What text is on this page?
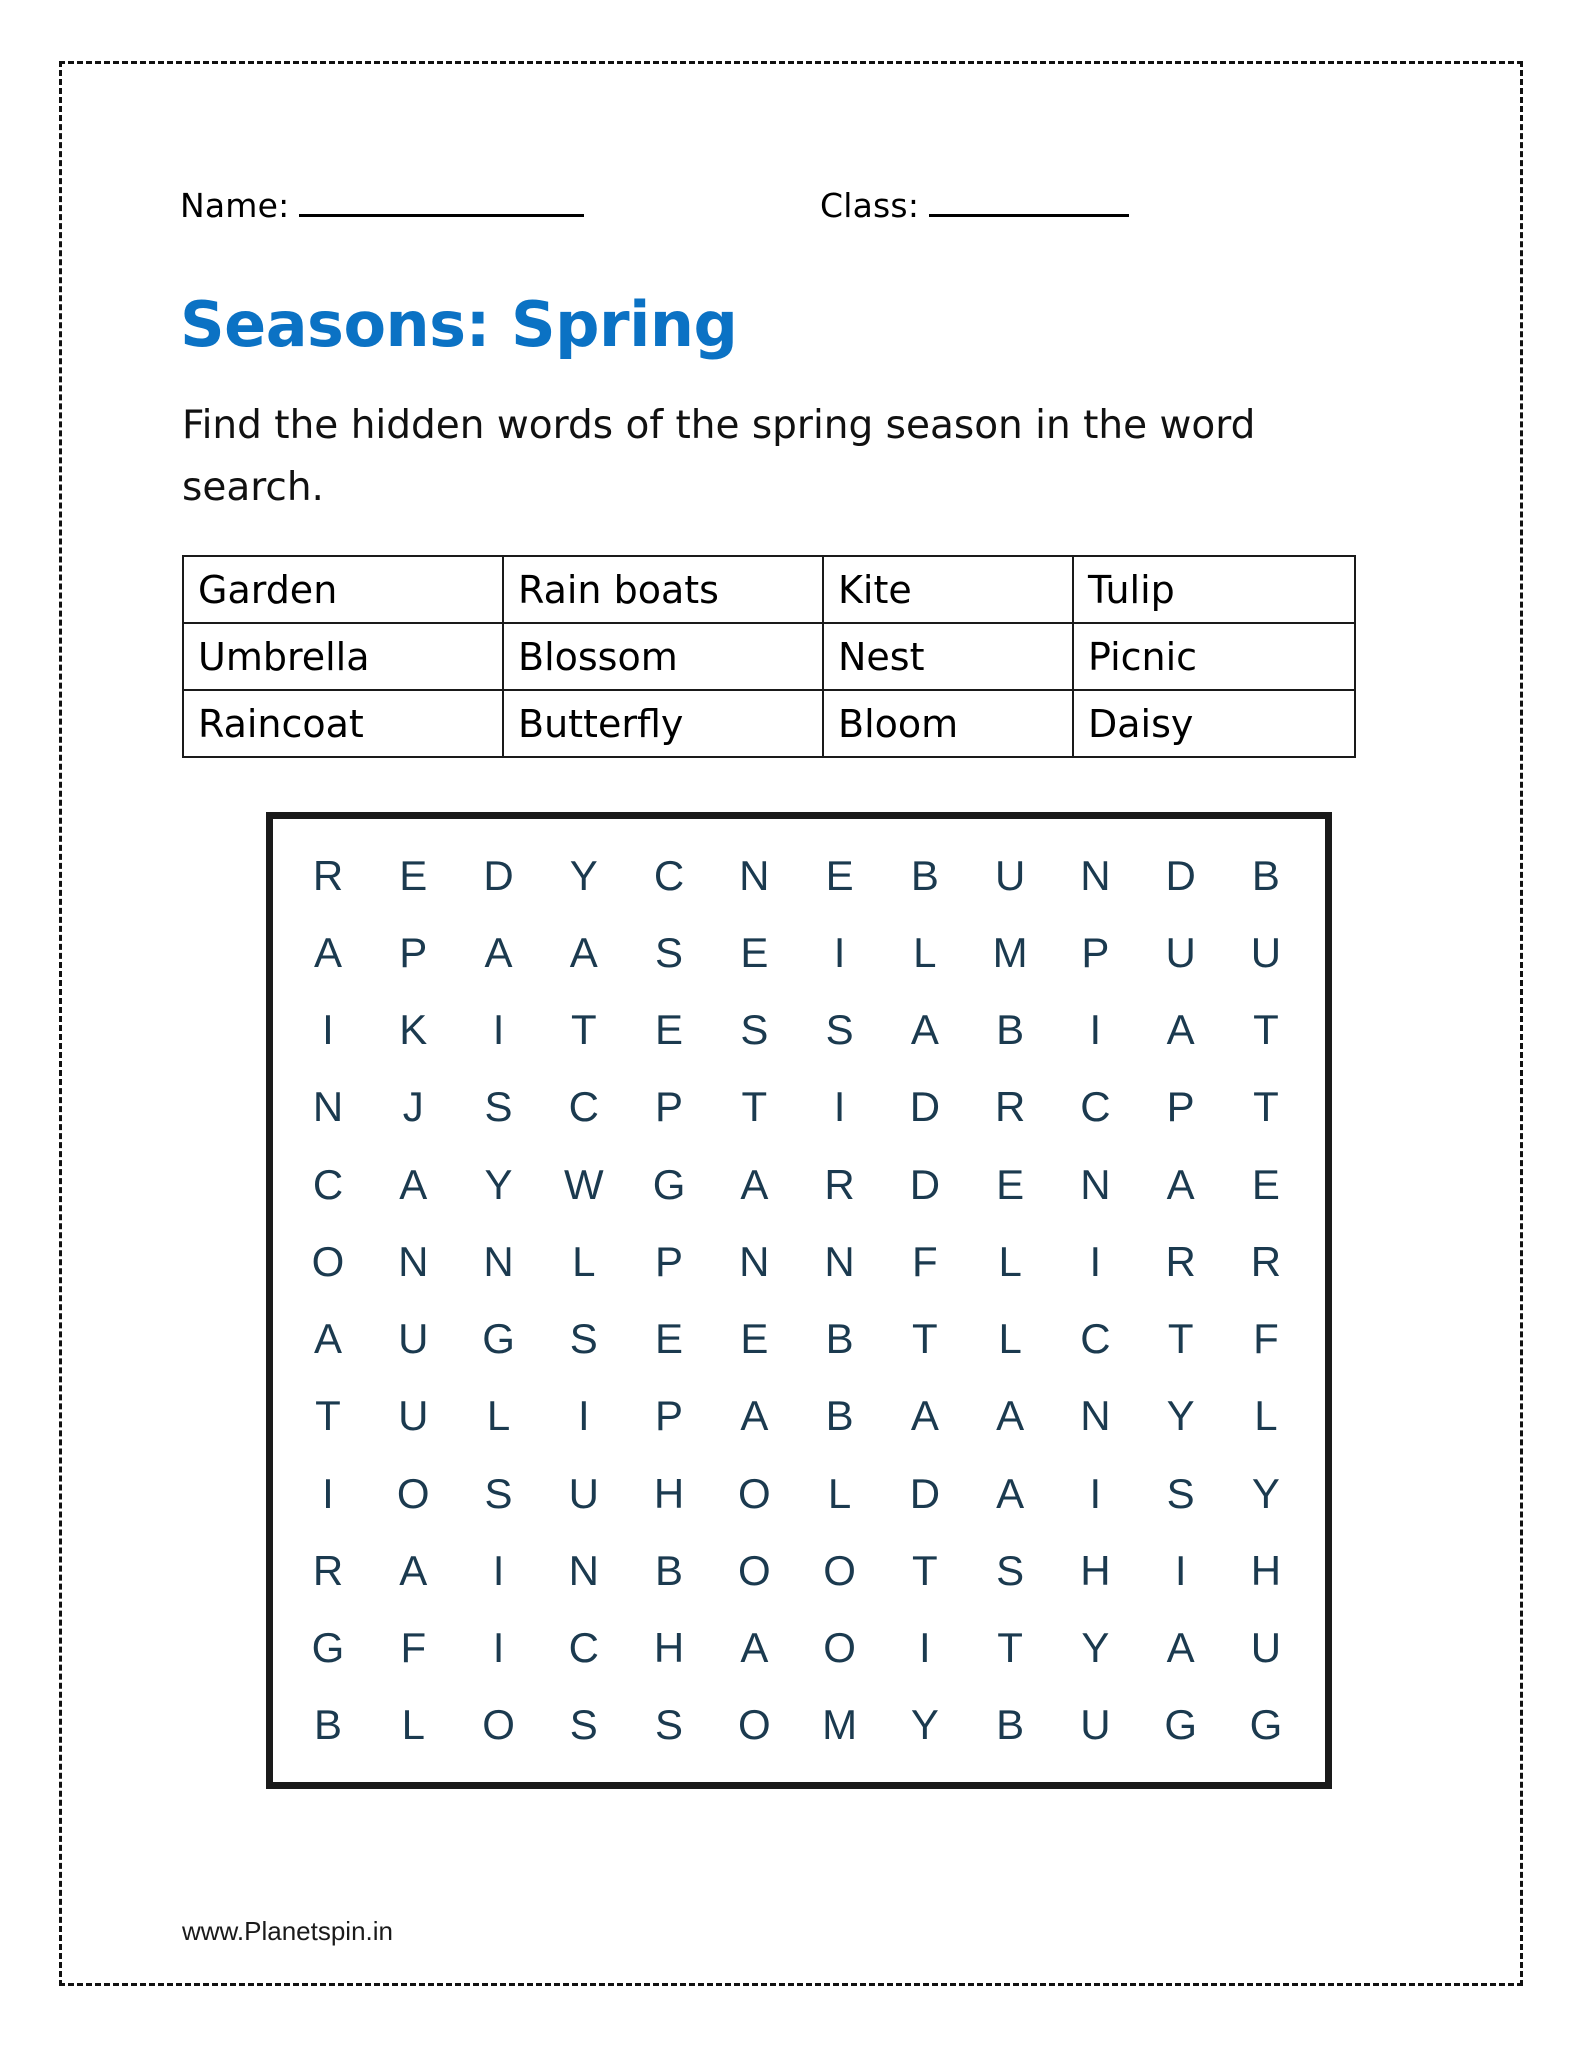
Name:	Class:
Seasons: Spring
Find the hidden words of the spring season in the word search.
Garden	Rain boats	Kite	Tulip
Umbrella	Blossom	Nest	Picnic
Raincoat	Butterfly	Bloom	Daisy
R	E	D	Y	C	N	E	B	U	N	D	B
A	P	A	A	S	E	I	L	M	P	U	U
I	K	I	T	E	S	S	A	B	I	A	T
N	J	S	C	P	T	I	D	R	C	P	T
C	A	Y	W	G	A	R	D	E	N	A	E
O	N	N	L	P	N	N	F	L	I	R	R
A	U	G	S	E	E	B	T	L	C	T	F
T	U	L	I	P	A	B	A	A	N	Y	L
I	O	S	U	H	O	L	D	A	I	S	Y
R	A	I	N	B	O	O	T	S	H	I	H
G	F	I	C	H	A	O	I	T	Y	A	U
B	L	O	S	S	O	M	Y	B	U	G	G
www.Planetspin.in
